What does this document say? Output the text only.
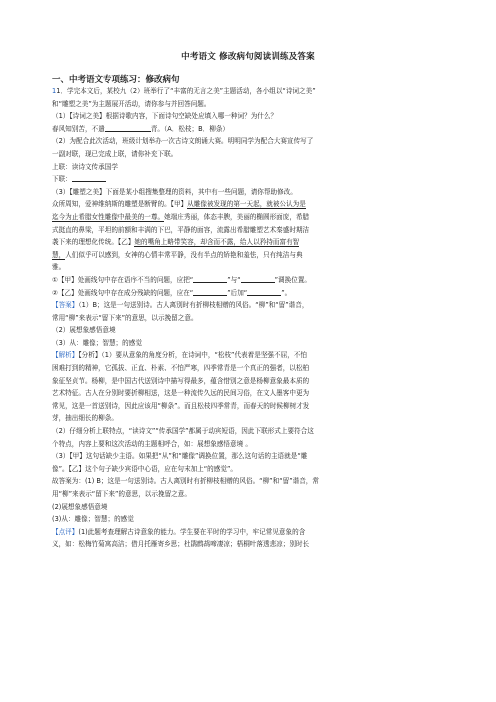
中考语文 修改病句阅读训练及答案
一、中考语文专项练习：修改病句

11．学完本文后，某校九（2）班举行了“丰富的无言之美”主题活动，各小组以“诗词之美”

和“雕塑之美”为主题展开活动，请你参与并回答问题。

（1）【诗词之美】根据诗歌内容，下面诗句空缺处应填入哪一种词？为什么？

春风知别苦，不遣	青。（A．松枝；B．柳条）

（2）为配合此次活动，班级计划举办一次古诗文朗诵大赛。明明同学为配合大赛宣传写了

一副对联，现已完成上联，请你补充下联。

上联：读诗文传承国学

下联：

（3）【雕塑之美】下面是某小组搜集整理的资料，其中有一些问题，请你帮助修改。

众所周知，爱神维纳斯的雕塑是断臂的。【甲】从雕像被发现的第一天起，就被公认为是

迄今为止希腊女性雕像中最美的一尊。她端庄秀丽，体态丰腴，美丽的椭圆形面庞，希腊

式挺直的鼻梁，平坦的前额和丰满的下巴，平静的面容，流露出希腊雕塑艺术秦盛时期洁

袭下来的理想化传统。【乙】她的嘴角上略带笑容，却含而不露，给人以矜持而富有智

慧，人们似乎可以感到，女神的心情丰常平静，没有半点的矫艳和羞怯，只有纯洁与典

雅。

①【甲】处画线句中存在语序不当的问题，应把“	”与“	”调换位置。

②【乙】处画线句中存在成分残缺的问题，应在“	”后加“	”。

【答案】（1）B；这是一句送别诗。古人离别时有折柳枝相赠的风俗。“柳”和“留”谐音，

常用“柳”来表示“留下来”的意思，以示挽留之意。

（2）展想象感悟意境

（3）从：雕像；智慧；的感觉

【解析】【分析】（1）要从意象的角度分析，在诗词中，“松枝”代表着是坚强不屈，不怕

困难打到的精神，它孤拔、正直、朴素、不怕严寒，四季常青是一个真正的强者，以松柏

象征坚贞节。杨柳，是中国古代送别诗中描写得最多，蕴含惜别之意是杨柳意象最本质的

艺术特征。古人在分别时要折柳相送，这是一种流传久远的民间习俗，在文人墨客中更为

常见，这是一首送别诗，因此应该用“柳条”。而且松枝四季常青，而春天的时候柳树才发

芽，抽出细长的柳条。

（2）仔细分析上联特点，“读诗文”“传承国学”都属于动宾短语，因此下联形式上要符合这

个特点，内容上要和这次活动的主题相呼合，如：展想象感悟意境 。

（3）【甲】这句话缺少主语。如果把“从”和“雕像”调换位置，那么这句话的主语就是“雕

像”。【乙】这个句子缺少宾语中心语，应在句末加上“的感觉”。

故答案为：(1) B；这是一句送别诗。古人离别时有折柳枝相赠的风俗。“柳”和“留”谐音，常

用“柳”来表示“留下来”的意思，以示挽留之意。

(2)展想象感悟意境

(3)从：雕像；智慧；的感觉

【点评】(1)此题考查理解古诗意象的能力。学生要在平时的学习中，牢记常见意象的含

义，如：松梅竹菊寓高洁；借月托雁寄乡思；杜鹃鹧鸪啼凄凉；梧桐叶落透悲凉；别时长
